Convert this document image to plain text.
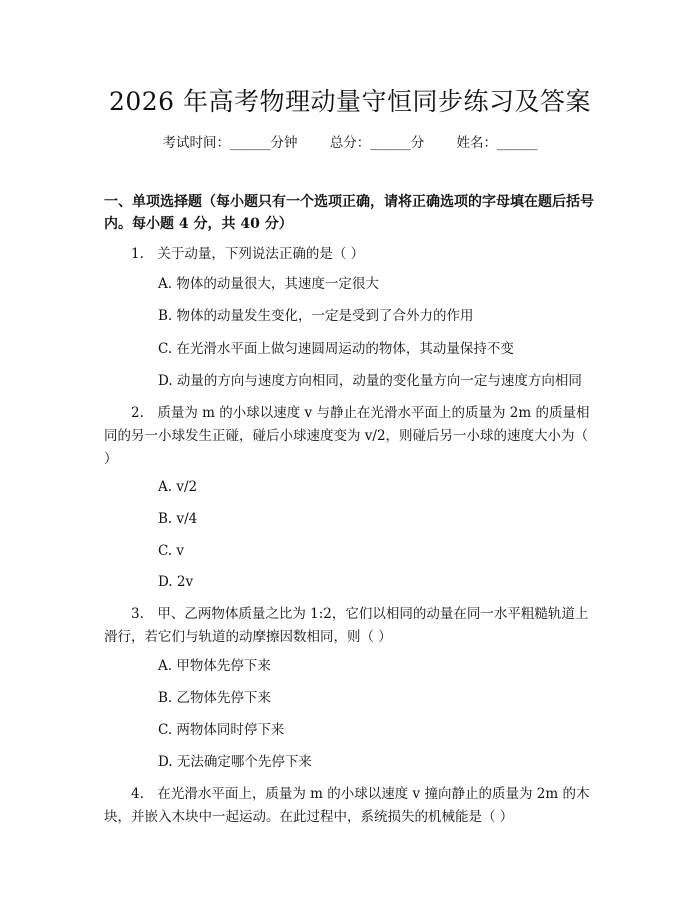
2026 年高考物理动量守恒同步练习及答案
考试时间：______分钟 总分：______分 姓名：______
一、单项选择题（每小题只有一个选项正确，请将正确选项的字母填在题后括号内。每小题 4 分，共 40 分）
1.　关于动量，下列说法正确的是（ ）
A. 物体的动量很大，其速度一定很大
B. 物体的动量发生变化，一定是受到了合外力的作用
C. 在光滑水平面上做匀速圆周运动的物体，其动量保持不变
D. 动量的方向与速度方向相同，动量的变化量方向一定与速度方向相同
2.　质量为 m 的小球以速度 v 与静止在光滑水平面上的质量为 2m 的质量相同的另一小球发生正碰，碰后小球速度变为 v/2，则碰后另一小球的速度大小为（ ）
A. v/2
B. v/4
C. v
D. 2v
3.　甲、乙两物体质量之比为 1:2，它们以相同的动量在同一水平粗糙轨道上滑行，若它们与轨道的动摩擦因数相同，则（ ）
A. 甲物体先停下来
B. 乙物体先停下来
C. 两物体同时停下来
D. 无法确定哪个先停下来
4.　在光滑水平面上，质量为 m 的小球以速度 v 撞向静止的质量为 2m 的木块，并嵌入木块中一起运动。在此过程中，系统损失的机械能是（ ）
